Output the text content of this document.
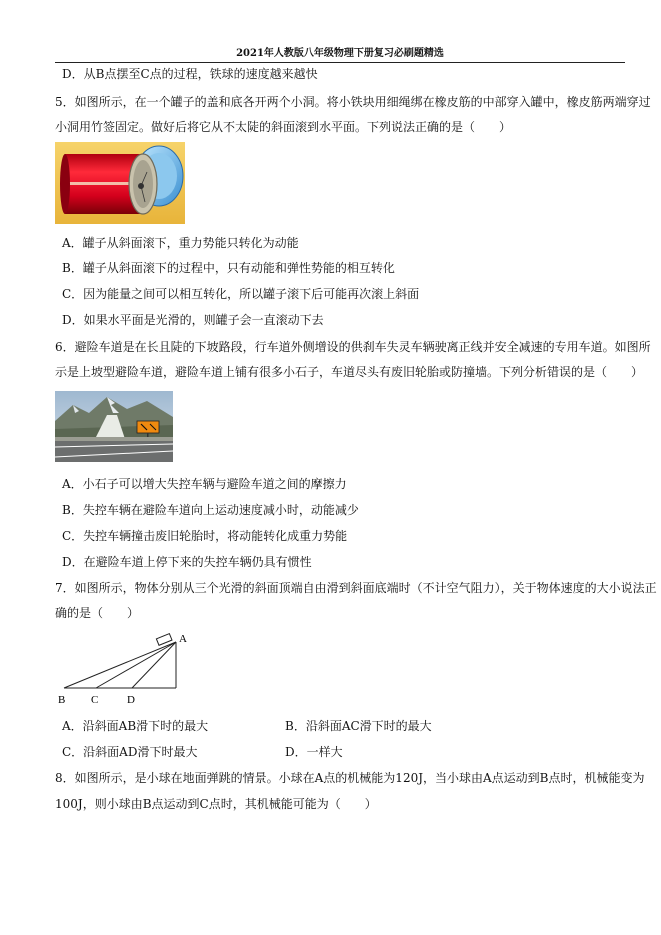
2021年人教版八年级物理下册复习必刷题精选
D．从B点摆至C点的过程，铁球的速度越来越快
5．如图所示，在一个罐子的盖和底各开两个小洞。将小铁块用细绳绑在橡皮筋的中部穿入罐中，橡皮筋两端穿过
小洞用竹签固定。做好后将它从不太陡的斜面滚到水平面。下列说法正确的是（　　）
A．罐子从斜面滚下，重力势能只转化为动能
B．罐子从斜面滚下的过程中，只有动能和弹性势能的相互转化
C．因为能量之间可以相互转化，所以罐子滚下后可能再次滚上斜面
D．如果水平面是光滑的，则罐子会一直滚动下去
6．避险车道是在长且陡的下坡路段，行车道外侧增设的供刹车失灵车辆驶离正线并安全减速的专用车道。如图所
示是上坡型避险车道，避险车道上铺有很多小石子，车道尽头有废旧轮胎或防撞墙。下列分析错误的是（　　）
A．小石子可以增大失控车辆与避险车道之间的摩擦力
B．失控车辆在避险车道向上运动速度减小时，动能减少
C．失控车辆撞击废旧轮胎时，将动能转化成重力势能
D．在避险车道上停下来的失控车辆仍具有惯性
7．如图所示，物体分别从三个光滑的斜面顶端自由滑到斜面底端时（不计空气阻力），关于物体速度的大小说法正
确的是（　　）
A
B C	D
A．沿斜面AB滑下时的最大	B．沿斜面AC滑下时的最大
C．沿斜面AD滑下时最大	D．一样大
8．如图所示，是小球在地面弹跳的情景。小球在A点的机械能为120J，当小球由A点运动到B点时，机械能变为
100J，则小球由B点运动到C点时，其机械能可能为（　　）
